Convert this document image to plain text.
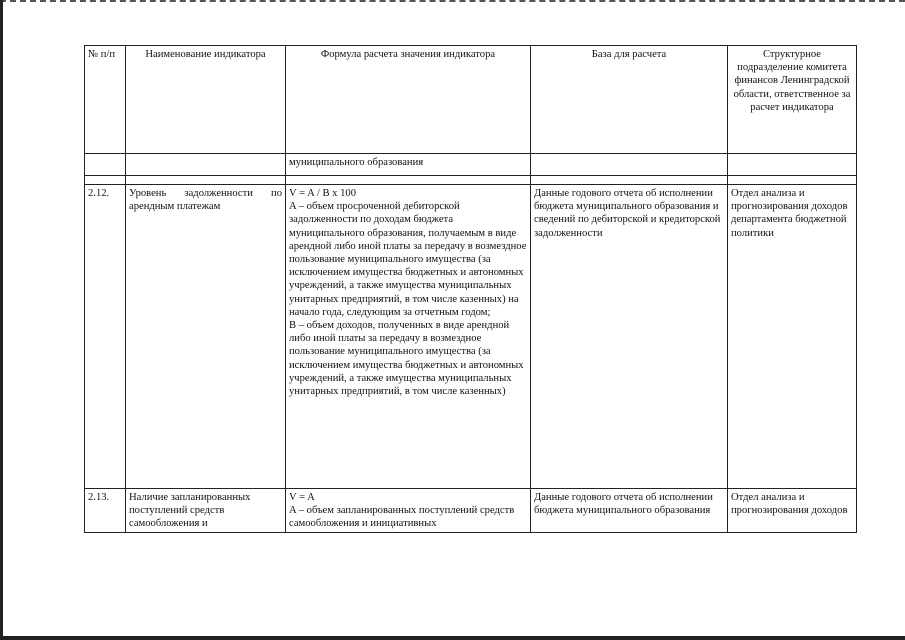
№ п/п	Наименование индикатора	Формула расчета значения индикатора	База для расчета	Структурное подразделение комитета финансов Ленинградской области, ответственное за расчет индикатора
		муниципального образования		

2.12.	Уровень задолженности по арендным платежам	V = A / B x 100
A – объем просроченной дебиторской задолженности по доходам бюджета муниципального образования, получаемым в виде арендной либо иной платы за передачу в возмездное пользование муниципального имущества (за исключением имущества бюджетных и автономных учреждений, а также имущества муниципальных унитарных предприятий, в том числе казенных) на начало года, следующим за отчетным годом;
B – объем доходов, полученных в виде арендной либо иной платы за передачу в возмездное пользование муниципального имущества (за исключением имущества бюджетных и автономных учреждений, а также имущества муниципальных унитарных предприятий, в том числе казенных)	Данные годового отчета об исполнении бюджета муниципального образования и сведений по дебиторской и кредиторской задолженности	Отдел анализа и прогнозирования доходов департамента бюджетной политики
2.13.	Наличие запланированных поступлений средств самообложения и	V = A
A – объем запланированных поступлений средств самообложения и инициативных	Данные годового отчета об исполнении бюджета муниципального образования	Отдел анализа и прогнозирования доходов
